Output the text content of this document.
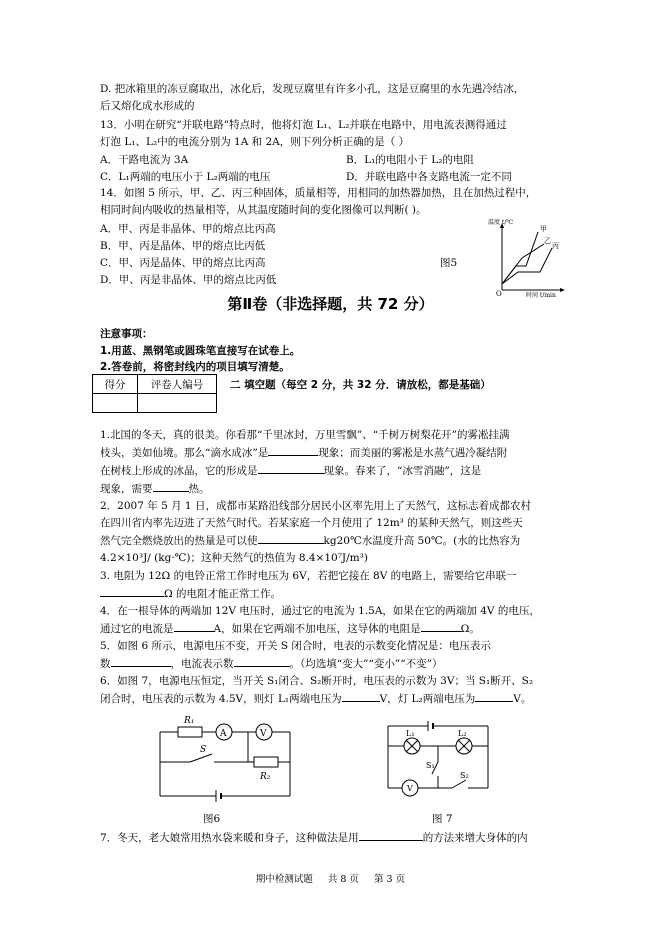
D. 把冰箱里的冻豆腐取出，冰化后，发现豆腐里有许多小孔，这是豆腐里的水先遇冷结冰，
后又熔化成水形成的
13．小明在研究“并联电路”特点时，他将灯泡 L₁、L₂并联在电路中，用电流表测得通过
灯泡 L₁、L₂中的电流分别为 1A 和 2A，则下列分析正确的是（ ）
A．干路电流为 3A	B．L₁的电阻小于 L₂的电阻
C．L₁两端的电压小于 L₂两端的电压	D．并联电路中各支路电流一定不同
14．如图 5 所示，甲、乙、丙三种固体，质量相等，用相同的加热器加热，且在加热过程中，
相同时间内吸收的热量相等，从其温度随时间的变化图像可以判断( )。
A．甲、丙是非晶体、甲的熔点比丙高
B．甲、丙是晶体、甲的熔点比丙低
C．甲、丙是晶体、甲的熔点比丙高	图5
D．甲、丙是非晶体、甲的熔点比丙低
温度 t/℃
O	时间 t/min
甲
乙
丙
第Ⅱ卷（非选择题，共 72 分）
注意事项：
1.用蓝、黑钢笔或圆珠笔直接写在试卷上。
2.答卷前，将密封线内的项目填写清楚。
得分	评卷人编号
		二 填空题（每空 2 分，共 32 分．请放松，都是基础）
1.北国的冬天，真的很美。你看那“千里冰封，万里雪飘”、“千树万树梨花开”的雾凇挂满
枝头，美如仙境。那么“滴水成冰”是	现象；而美丽的雾凇是水蒸气遇冷凝结附
在树枝上形成的冰晶，它的形成是	现象。春来了，“冰雪消融”，这是
现象，需要	热。
2．2007 年 5 月 1 日，成都市某路沿线部分居民小区率先用上了天然气，这标志着成都农村
在四川省内率先迈进了天然气时代。若某家庭一个月使用了 12m³ 的某种天然气，则这些天
然气完全燃烧放出的热量是可以使	kg20℃水温度升高 50℃。(水的比热容为
4.2×10³J/ (kg·℃)；这种天然气的热值为 8.4×10⁷J/m³)
3. 电阻为 12Ω 的电铃正常工作时电压为 6V，若把它接在 8V 的电路上，需要给它串联一
Ω 的电阻才能正常工作。
4．在一根导体的两端加 12V 电压时，通过它的电流为 1.5A，如果在它的两端加 4V 的电压，
通过它的电流是	A，如果在它两端不加电压，这导体的电阻是	Ω。
5．如图 6 所示，电源电压不变，开关 S 闭合时，电表的示数变化情况是：电压表示
数	，电流表示数	。（均选填“变大”“变小”“不变”）
6．如图 7，电源电压恒定，当开关 S₁闭合、S₂断开时，电压表的示数为 3V；当 S₁断开、S₂
闭合时，电压表的示数为 4.5V，则灯 L₁两端电压为	V，灯 L₂两端电压为	V。
R₁
A	V
S
R₂
图6
L₁	L₂
S₁
S₂
V
图 7
7．冬天，老大娘常用热水袋来暖和身子，这种做法是用	的方法来增大身体的内
期中检测试题 共 8 页 第 3 页
